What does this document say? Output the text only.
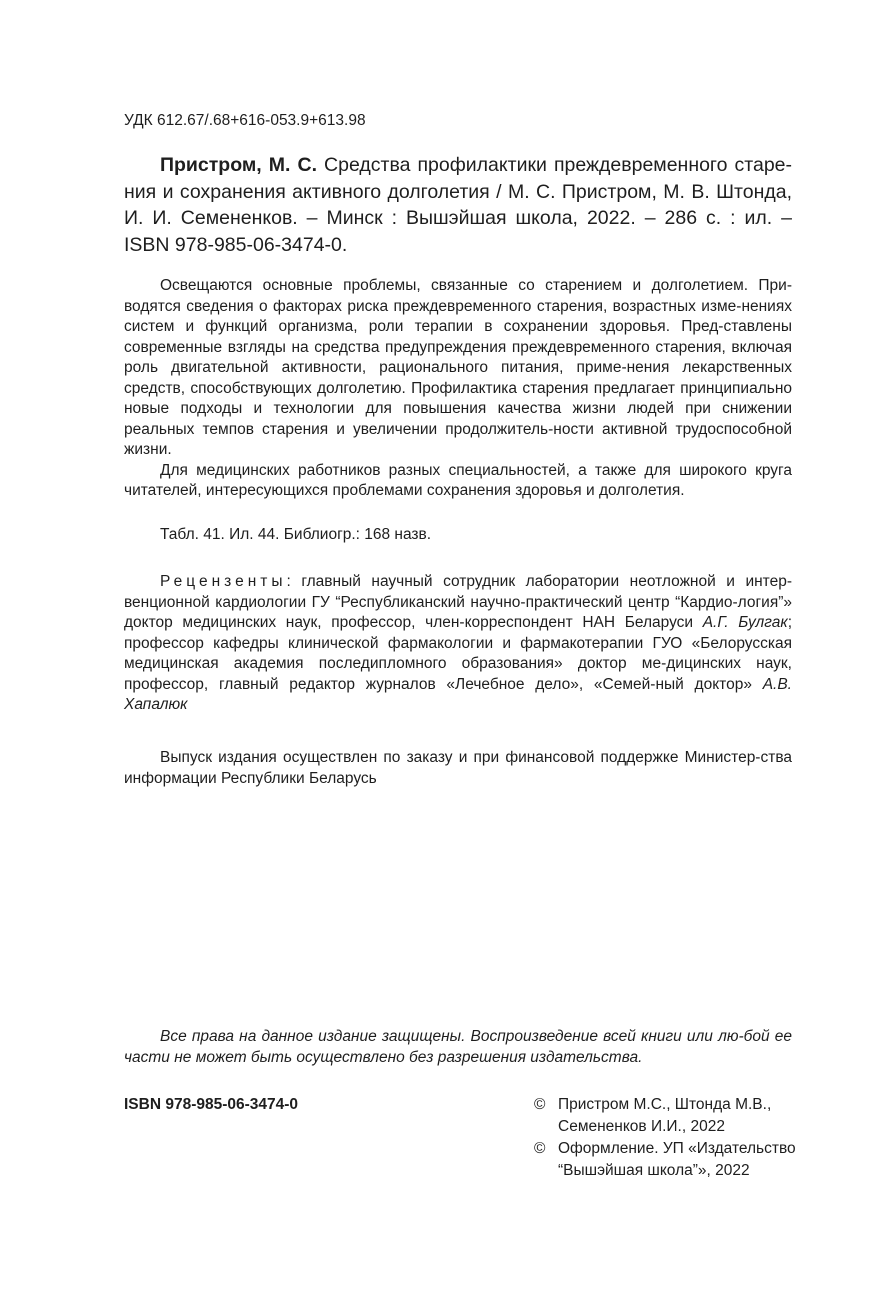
УДК 612.67/.68+616-053.9+613.98
Пристром, М. С. Средства профилактики преждевременного старе-ния и сохранения активного долголетия / М. С. Пристром, М. В. Штонда, И. И. Семененков. – Минск : Вышэйшая школа, 2022. – 286 с. : ил. – ISBN 978-985-06-3474-0.

Освещаются основные проблемы, связанные со старением и долголетием. При-водятся сведения о факторах риска преждевременного старения, возрастных изме-нениях систем и функций организма, роли терапии в сохранении здоровья. Пред-ставлены современные взгляды на средства предупреждения преждевременного старения, включая роль двигательной активности, рационального питания, приме-нения лекарственных средств, способствующих долголетию. Профилактика старения предлагает принципиально новые подходы и технологии для повышения качества жизни людей при снижении реальных темпов старения и увеличении продолжитель-ности активной трудоспособной жизни.

Для медицинских работников разных специальностей, а также для широкого круга читателей, интересующихся проблемами сохранения здоровья и долголетия.

Табл. 41. Ил. 44. Библиогр.: 168 назв.
Рецензенты: главный научный сотрудник лаборатории неотложной и интер-венционной кардиологии ГУ “Республиканский научно-практический центр “Кардио-логия”» доктор медицинских наук, профессор, член-корреспондент НАН Беларуси А.Г. Булгак; профессор кафедры клинической фармакологии и фармакотерапии ГУО «Белорусская медицинская академия последипломного образования» доктор ме-дицинских наук, профессор, главный редактор журналов «Лечебное дело», «Семей-ный доктор» А.В. Хапалюк
Выпуск издания осуществлен по заказу и при финансовой поддержке Министер-ства информации Республики Беларусь
Все права на данное издание защищены. Воспроизведение всей книги или лю-бой ее части не может быть осуществлено без разрешения издательства.
ISBN 978-985-06-3474-0	© Пристром М.С., Штонда М.В., Семененков И.И., 2022
© Оформление. УП «Издательство “Вышэйшая школа”», 2022
